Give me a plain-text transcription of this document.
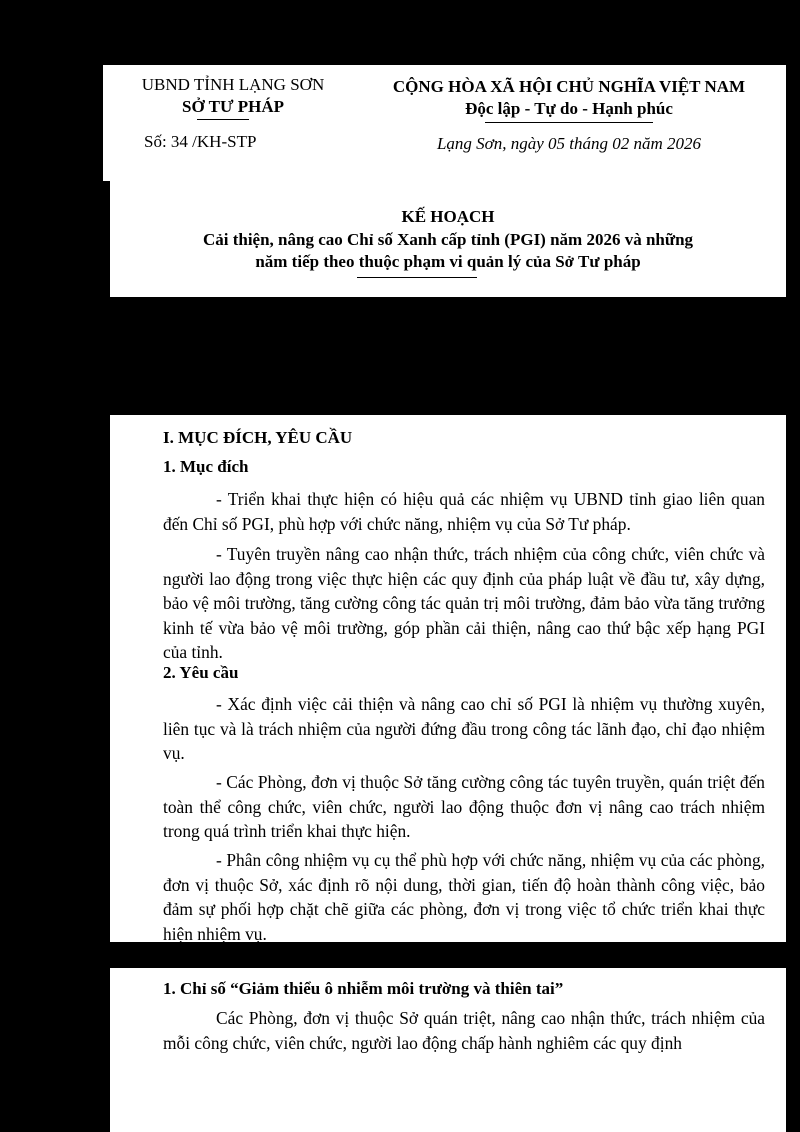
UBND TỈNH LẠNG SƠN
SỞ TƯ PHÁP
Số: 34 /KH-STP
CỘNG HÒA XÃ HỘI CHỦ NGHĨA VIỆT NAM
Độc lập - Tự do - Hạnh phúc
Lạng Sơn, ngày 05 tháng 02 năm 2026
KẾ HOẠCH
Cải thiện, nâng cao Chỉ số Xanh cấp tỉnh (PGI) năm 2026 và những
năm tiếp theo thuộc phạm vi quản lý của Sở Tư pháp
I. MỤC ĐÍCH, YÊU CẦU
1. Mục đích

- Triển khai thực hiện có hiệu quả các nhiệm vụ UBND tỉnh giao liên quan đến Chỉ số PGI, phù hợp với chức năng, nhiệm vụ của Sở Tư pháp.

- Tuyên truyền nâng cao nhận thức, trách nhiệm của công chức, viên chức và người lao động trong việc thực hiện các quy định của pháp luật về đầu tư, xây dựng, bảo vệ môi trường, tăng cường công tác quản trị môi trường, đảm bảo vừa tăng trưởng kinh tế vừa bảo vệ môi trường, góp phần cải thiện, nâng cao thứ bậc xếp hạng PGI của tỉnh.

2. Yêu cầu

- Xác định việc cải thiện và nâng cao chỉ số PGI là nhiệm vụ thường xuyên, liên tục và là trách nhiệm của người đứng đầu trong công tác lãnh đạo, chỉ đạo nhiệm vụ.

- Các Phòng, đơn vị thuộc Sở tăng cường công tác tuyên truyền, quán triệt đến toàn thể công chức, viên chức, người lao động thuộc đơn vị nâng cao trách nhiệm trong quá trình triển khai thực hiện.

- Phân công nhiệm vụ cụ thể phù hợp với chức năng, nhiệm vụ của các phòng, đơn vị thuộc Sở, xác định rõ nội dung, thời gian, tiến độ hoàn thành công việc, bảo đảm sự phối hợp chặt chẽ giữa các phòng, đơn vị trong việc tổ chức triển khai thực hiện nhiệm vụ.

1. Chỉ số “Giảm thiểu ô nhiễm môi trường và thiên tai”

Các Phòng, đơn vị thuộc Sở quán triệt, nâng cao nhận thức, trách nhiệm của mỗi công chức, viên chức, người lao động chấp hành nghiêm các quy định
